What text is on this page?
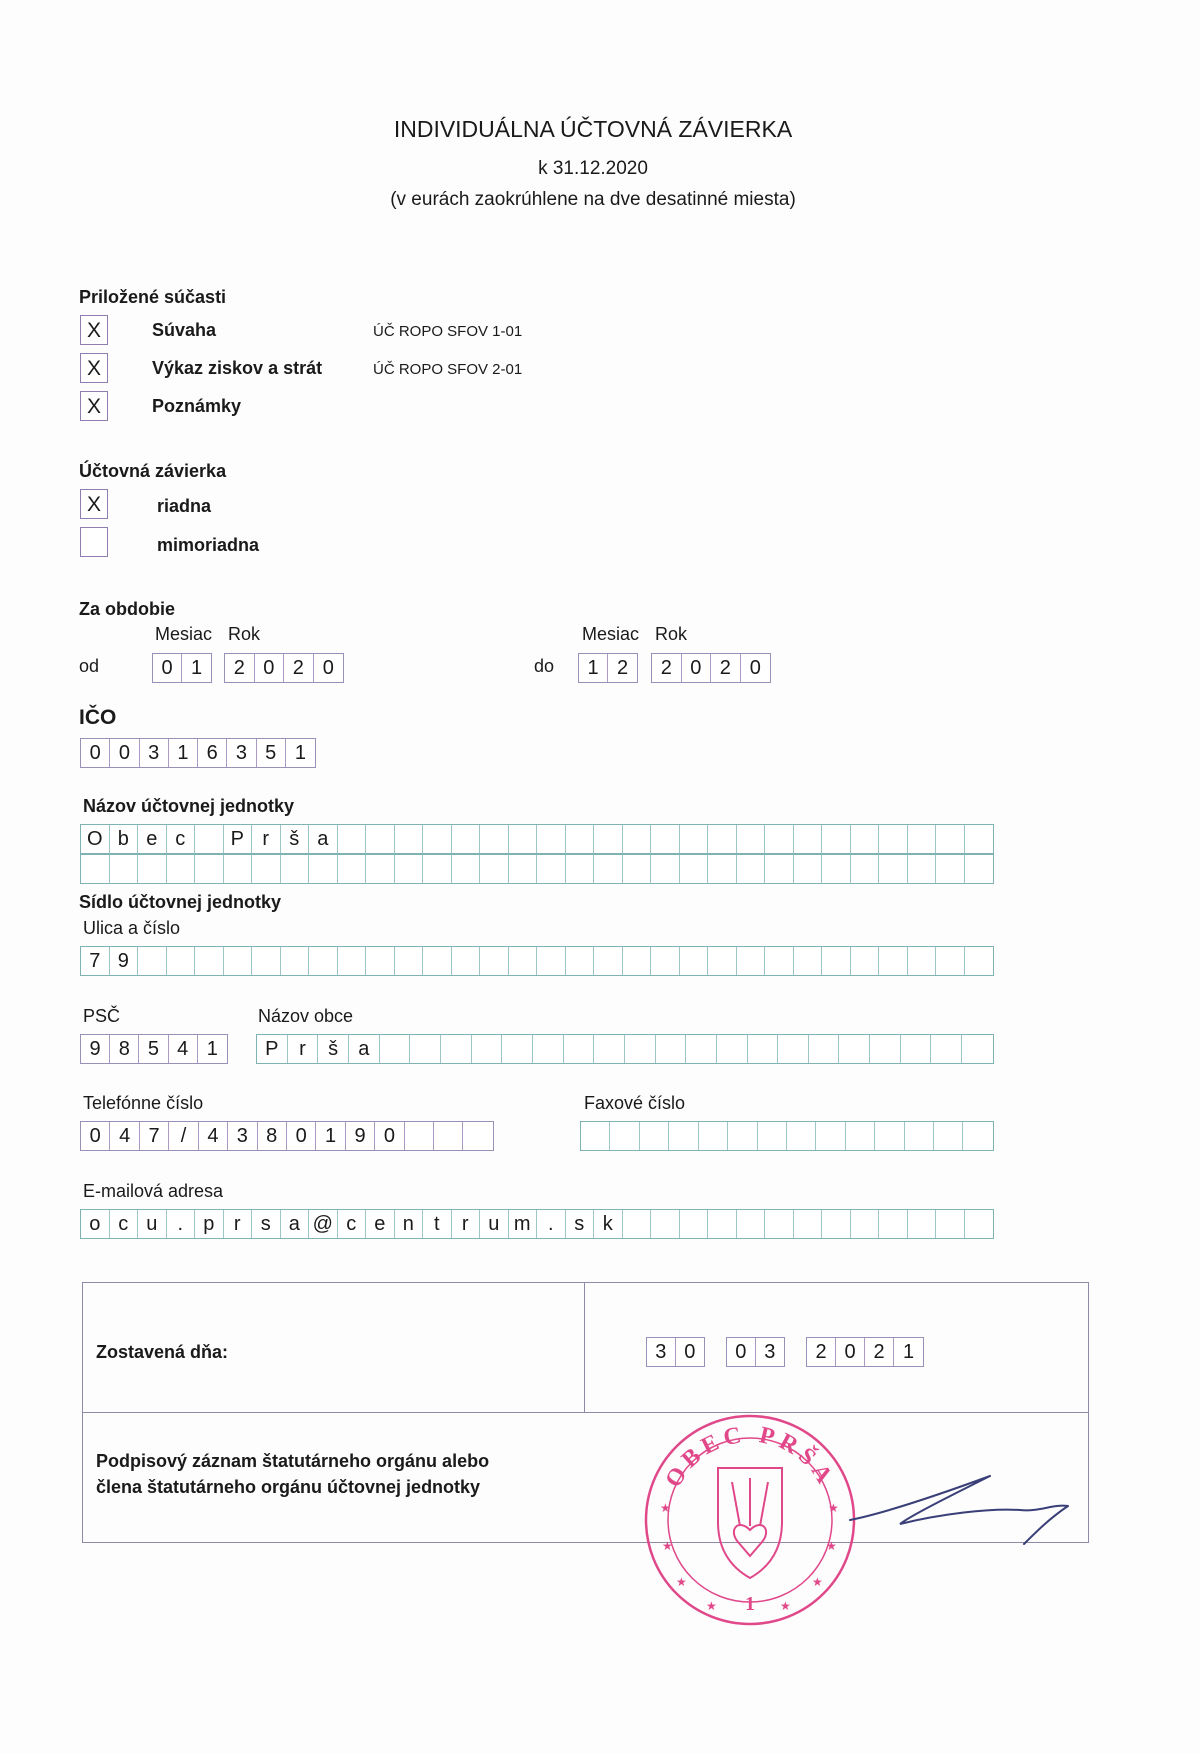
INDIVIDUÁLNA ÚČTOVNÁ ZÁVIERKA
k 31.12.2020
(v eurách zaokrúhlene na dve desatinné miesta)
Priložené súčasti
X	Súvaha	ÚČ ROPO SFOV 1-01
X	Výkaz ziskov a strát	ÚČ ROPO SFOV 2-01
X	Poznámky
Účtovná závierka
X	riadna
mimoriadna
Za obdobie
Mesiac Rok
od	0 1	2 0 2 0
Mesiac Rok
do	1 2	2 0 2 0
IČO
0 0 3 1 6 3 5 1
Názov účtovnej jednotky
O b e c	P r	š a
Sídlo účtovnej jednotky
Ulica a číslo
7 9
PSČ
9 8 5 4 1
Názov obce
P	r	š	a
Telefónne číslo
0 4 7	/	4 3 8 0 1 9 0
Faxové číslo
E-mailová adresa
o c u	.	p r	s a @ c e n	t	r u m .	s k
Zostavená dňa:	3 0	0 3	2 0 2 1
Podpisový záznam štatutárneho orgánu alebo
člena štatutárneho orgánu účtovnej jednotky	OBEC PRŠA
1
★	★
★	★
★	★
★	★
